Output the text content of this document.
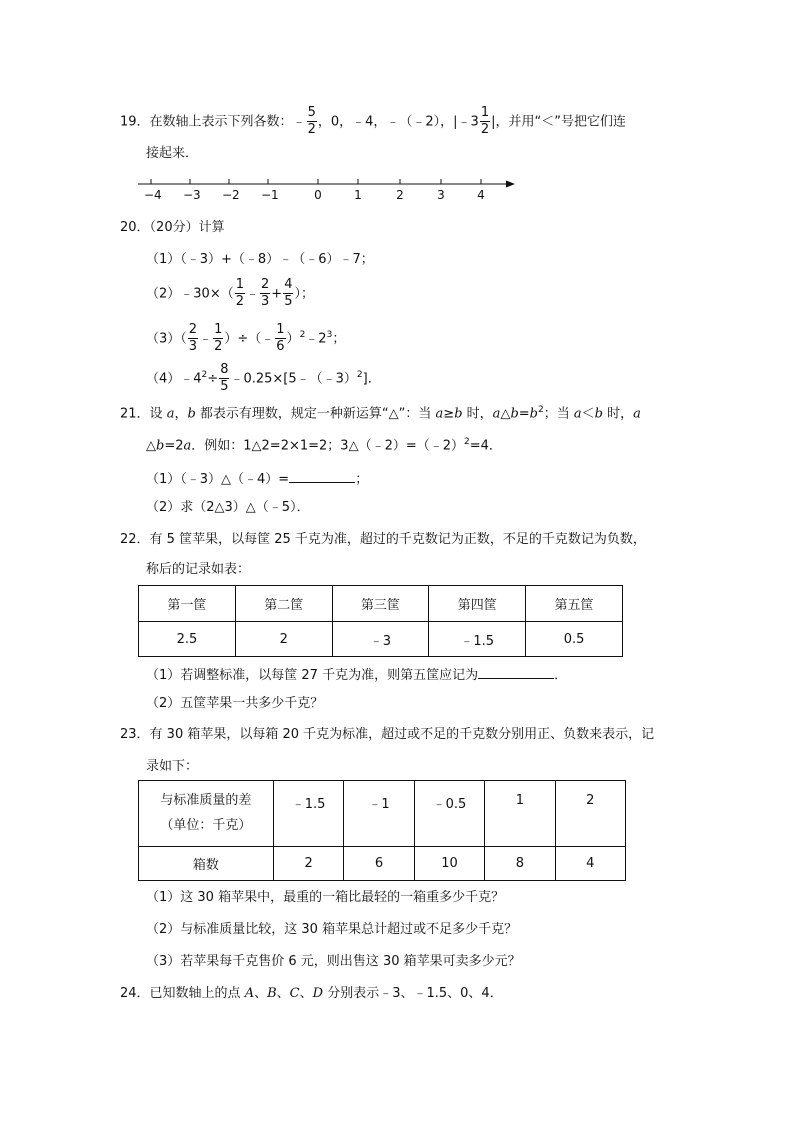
19．在数轴上表示下列各数：﹣ $\frac{5}{2}$ ，0，﹣4，﹣（﹣2），|﹣3 $\frac{1}{2}$ |，并用“＜”号把它们连
接起来．
−4 −3 −2 −1	0	1	2	3	4
20．（20分）计算
（1）（﹣3）+（﹣8）﹣（﹣6）﹣7；
（2）﹣30×（ $\frac{1}{2}$ ﹣ $\frac{2}{3} + \frac{4}{5}$ ）；
$(3)( \frac{2}{3}$ ﹣ $\frac{1}{2}$ ）÷（﹣ $\frac{1}{6}$ ）$^2﹣2^3$；
$(4)﹣4^2\div \frac{8}{5}$ ﹣0.25×[5﹣（﹣3）$^2$]．
21．设 a，b 都表示有理数，规定一种新运算“△”：当 a≥b 时，$a\triangle b=b^2$；当 a＜b 时，a
△b=2a．例如：1△2=2×1=2；3△（﹣2）=（﹣2）$^2$=4．
（1）（﹣3）△（﹣4）=	；
（2）求（2△3）△（﹣5）．
22．有 5 筐苹果，以每筐 25 千克为准，超过的千克数记为正数，不足的千克数记为负数，
称后的记录如表：
第一筐	第二筐	第三筐	第四筐	第五筐
2.5	2	﹣3	﹣1.5	0.5
（1）若调整标准，以每筐 27 千克为准，则第五筐应记为	．
（2）五筐苹果一共多少千克？
23．有 30 箱苹果，以每箱 20 千克为标准，超过或不足的千克数分别用正、负数来表示，记
录如下：
与标准质量的差
（单位：千克）	﹣1.5	﹣1	﹣0.5	1	2
箱数	2	6	10	8	4
（1）这 30 箱苹果中，最重的一箱比最轻的一箱重多少千克？
（2）与标准质量比较，这 30 箱苹果总计超过或不足多少千克？
（3）若苹果每千克售价 6 元，则出售这 30 箱苹果可卖多少元？
24．已知数轴上的点 A、B、C、D 分别表示﹣3、﹣1.5、0、4．
